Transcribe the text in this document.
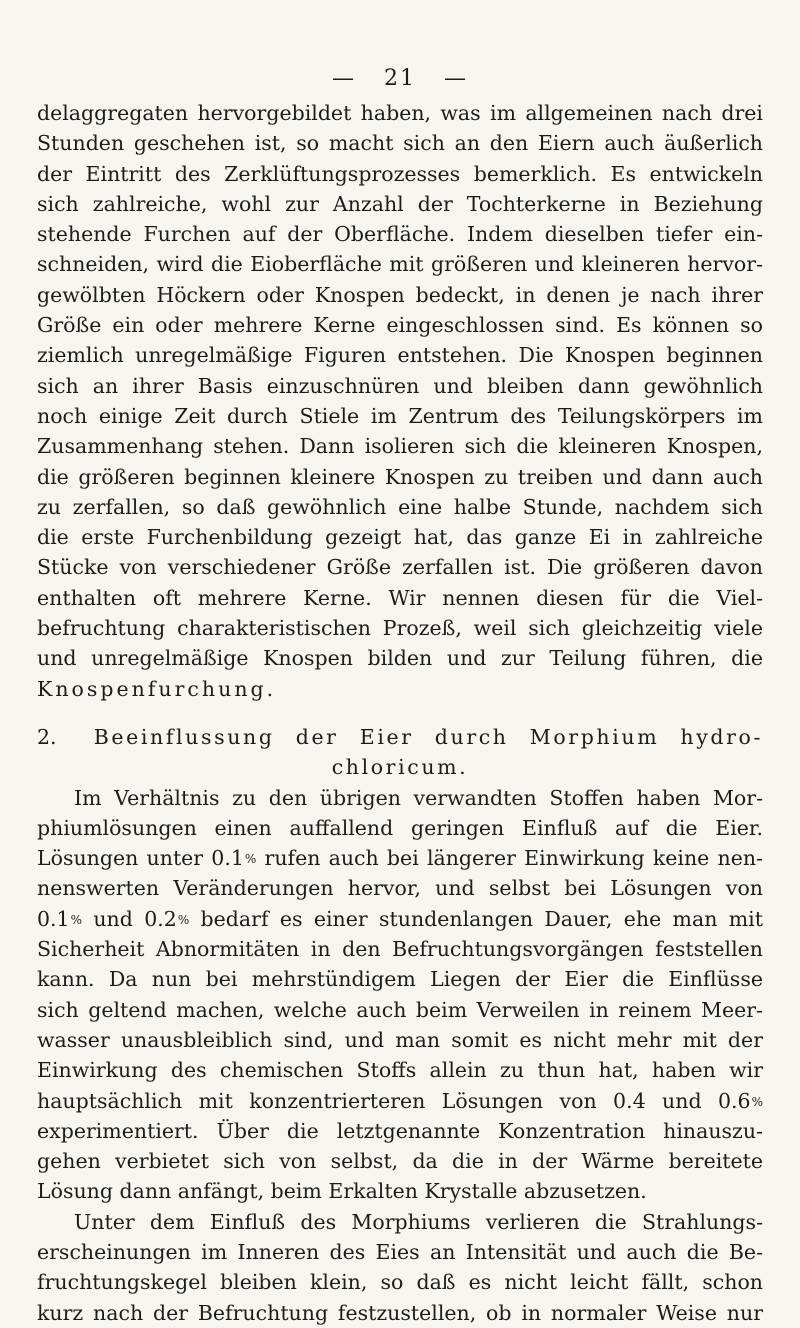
— 21 —
delaggregaten hervorgebildet haben, was im allgemeinen nach drei
Stunden geschehen ist, so macht sich an den Eiern auch äußerlich
der Eintritt des Zerklüftungsprozesses bemerklich. Es entwickeln
sich zahlreiche, wohl zur Anzahl der Tochterkerne in Beziehung
stehende Furchen auf der Oberfläche. Indem dieselben tiefer ein-
schneiden, wird die Eioberfläche mit größeren und kleineren hervor-
gewölbten Höckern oder Knospen bedeckt, in denen je nach ihrer
Größe ein oder mehrere Kerne eingeschlossen sind. Es können so
ziemlich unregelmäßige Figuren entstehen. Die Knospen beginnen
sich an ihrer Basis einzuschnüren und bleiben dann gewöhnlich
noch einige Zeit durch Stiele im Zentrum des Teilungskörpers im
Zusammenhang stehen. Dann isolieren sich die kleineren Knospen,
die größeren beginnen kleinere Knospen zu treiben und dann auch
zu zerfallen, so daß gewöhnlich eine halbe Stunde, nachdem sich
die erste Furchenbildung gezeigt hat, das ganze Ei in zahlreiche
Stücke von verschiedener Größe zerfallen ist. Die größeren davon
enthalten oft mehrere Kerne. Wir nennen diesen für die Viel-
befruchtung charakteristischen Prozeß, weil sich gleichzeitig viele
und unregelmäßige Knospen bilden und zur Teilung führen, die
Knospenfurchung.
2. Beeinflussung der Eier durch Morphium hydro-
chloricum.
Im Verhältnis zu den übrigen verwandten Stoffen haben Mor-
phiumlösungen einen auffallend geringen Einfluß auf die Eier.
Lösungen unter 0.1% rufen auch bei längerer Einwirkung keine nen-
nenswerten Veränderungen hervor, und selbst bei Lösungen von
0.1% und 0.2% bedarf es einer stundenlangen Dauer, ehe man mit
Sicherheit Abnormitäten in den Befruchtungsvorgängen feststellen
kann. Da nun bei mehrstündigem Liegen der Eier die Einflüsse
sich geltend machen, welche auch beim Verweilen in reinem Meer-
wasser unausbleiblich sind, und man somit es nicht mehr mit der
Einwirkung des chemischen Stoffs allein zu thun hat, haben wir
hauptsächlich mit konzentrierteren Lösungen von 0.4 und 0.6%
experimentiert. Über die letztgenannte Konzentration hinauszu-
gehen verbietet sich von selbst, da die in der Wärme bereitete
Lösung dann anfängt, beim Erkalten Krystalle abzusetzen.
Unter dem Einfluß des Morphiums verlieren die Strahlungs-
erscheinungen im Inneren des Eies an Intensität und auch die Be-
fruchtungskegel bleiben klein, so daß es nicht leicht fällt, schon
kurz nach der Befruchtung festzustellen, ob in normaler Weise nur
